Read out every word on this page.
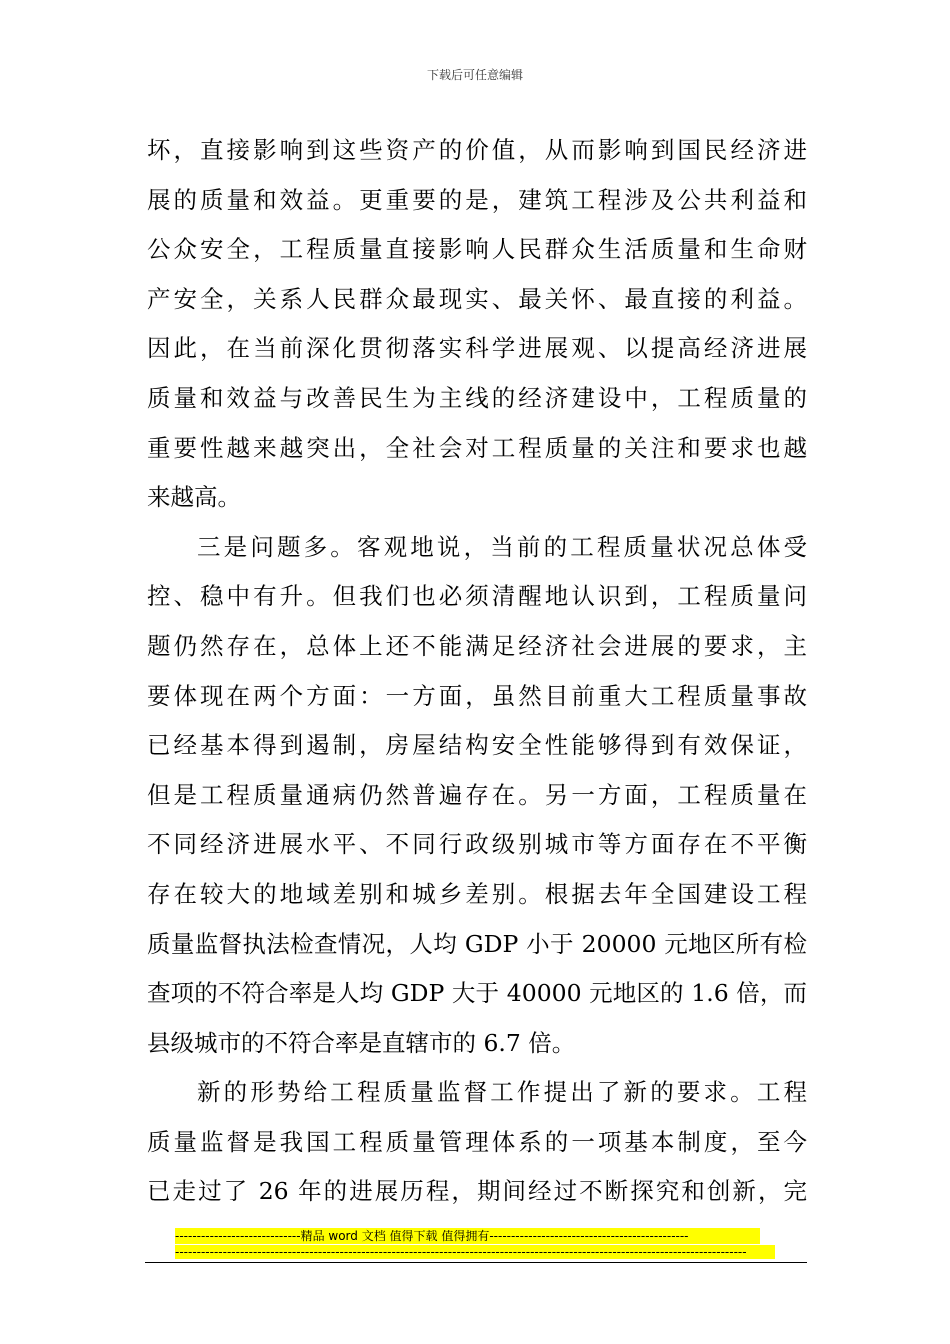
下载后可任意编辑
坏，直接影响到这些资产的价值，从而影响到国民经济进
展的质量和效益。更重要的是，建筑工程涉及公共利益和
公众安全，工程质量直接影响人民群众生活质量和生命财
产安全，关系人民群众最现实、最关怀、最直接的利益。
因此，在当前深化贯彻落实科学进展观、以提高经济进展
质量和效益与改善民生为主线的经济建设中，工程质量的
重要性越来越突出，全社会对工程质量的关注和要求也越
来越高。
三是问题多。客观地说，当前的工程质量状况总体受
控、稳中有升。但我们也必须清醒地认识到，工程质量问
题仍然存在，总体上还不能满足经济社会进展的要求，主
要体现在两个方面：一方面，虽然目前重大工程质量事故
已经基本得到遏制，房屋结构安全性能够得到有效保证，
但是工程质量通病仍然普遍存在。另一方面，工程质量在
不同经济进展水平、不同行政级别城市等方面存在不平衡
存在较大的地域差别和城乡差别。根据去年全国建设工程
质量监督执法检查情况，人均 GDP 小于 20000 元地区所有检
查项的不符合率是人均 GDP 大于 40000 元地区的 1.6 倍，而
县级城市的不符合率是直辖市的 6.7 倍。
新的形势给工程质量监督工作提出了新的要求。工程
质量监督是我国工程质量管理体系的一项基本制度，至今
已走过了 26 年的进展历程，期间经过不断探究和创新，完
-----------------------------精品 word 文档 值得下载 值得拥有----------------------------------------------
------------------------------------------------------------------------------------------------------------------------------------
